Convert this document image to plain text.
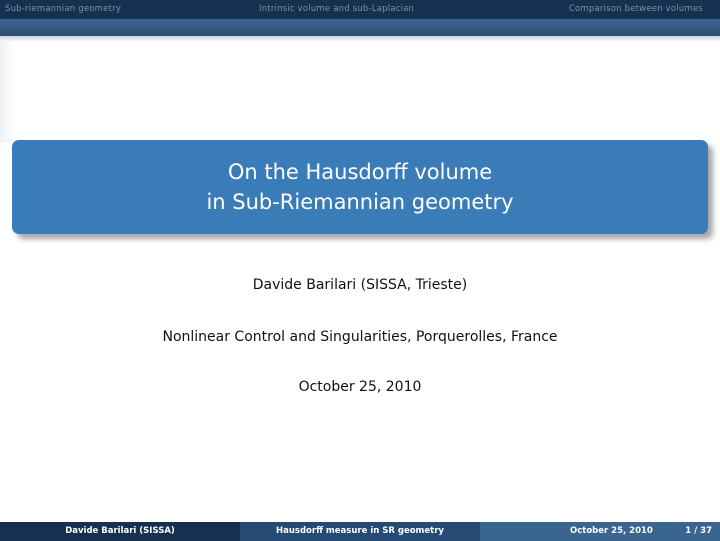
Sub-riemannian geometry	Intrinsic volume and sub-Laplacian	Comparison between volumes
On the Hausdorff volume
in Sub-Riemannian geometry
Davide Barilari (SISSA, Trieste)
Nonlinear Control and Singularities, Porquerolles, France
October 25, 2010
Davide Barilari (SISSA)	Hausdorff measure in SR geometry	October 25, 2010	1 / 37
